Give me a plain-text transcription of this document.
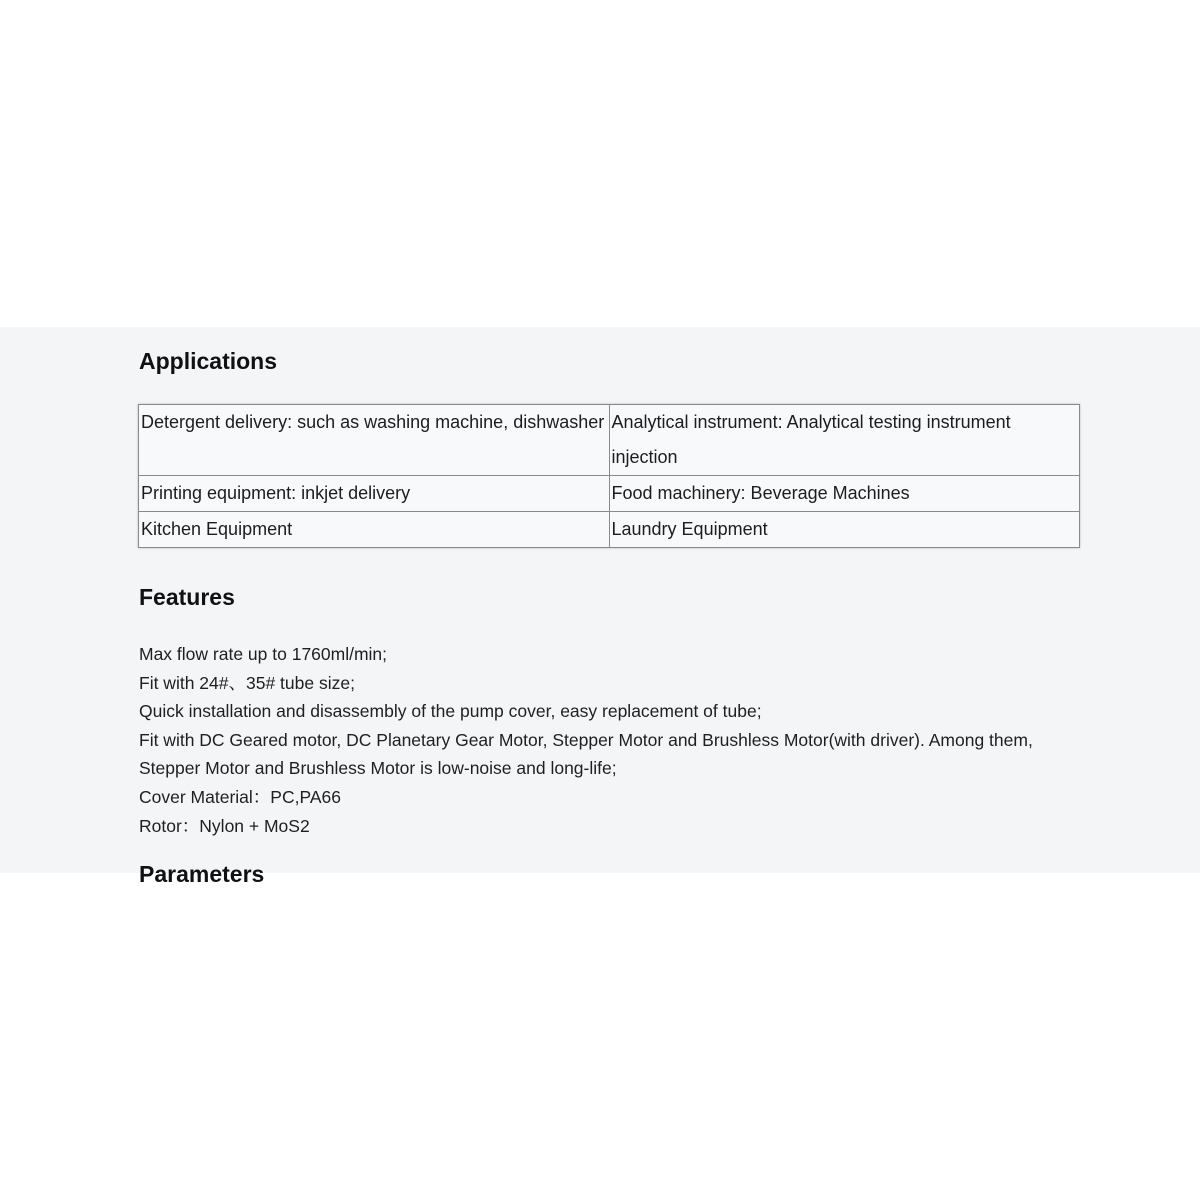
Applications
Detergent delivery: such as washing machine, dishwasher	Analytical instrument: Analytical testing instrument injection
Printing equipment: inkjet delivery	Food machinery: Beverage Machines
Kitchen Equipment	Laundry Equipment
Features
Max flow rate up to 1760ml/min;
Fit with 24#、35# tube size;
Quick installation and disassembly of the pump cover, easy replacement of tube;
Fit with DC Geared motor, DC Planetary Gear Motor, Stepper Motor and Brushless Motor(with driver). Among them,
Stepper Motor and Brushless Motor is low-noise and long-life;
Cover Material：PC,PA66
Rotor：Nylon + MoS2
Parameters
